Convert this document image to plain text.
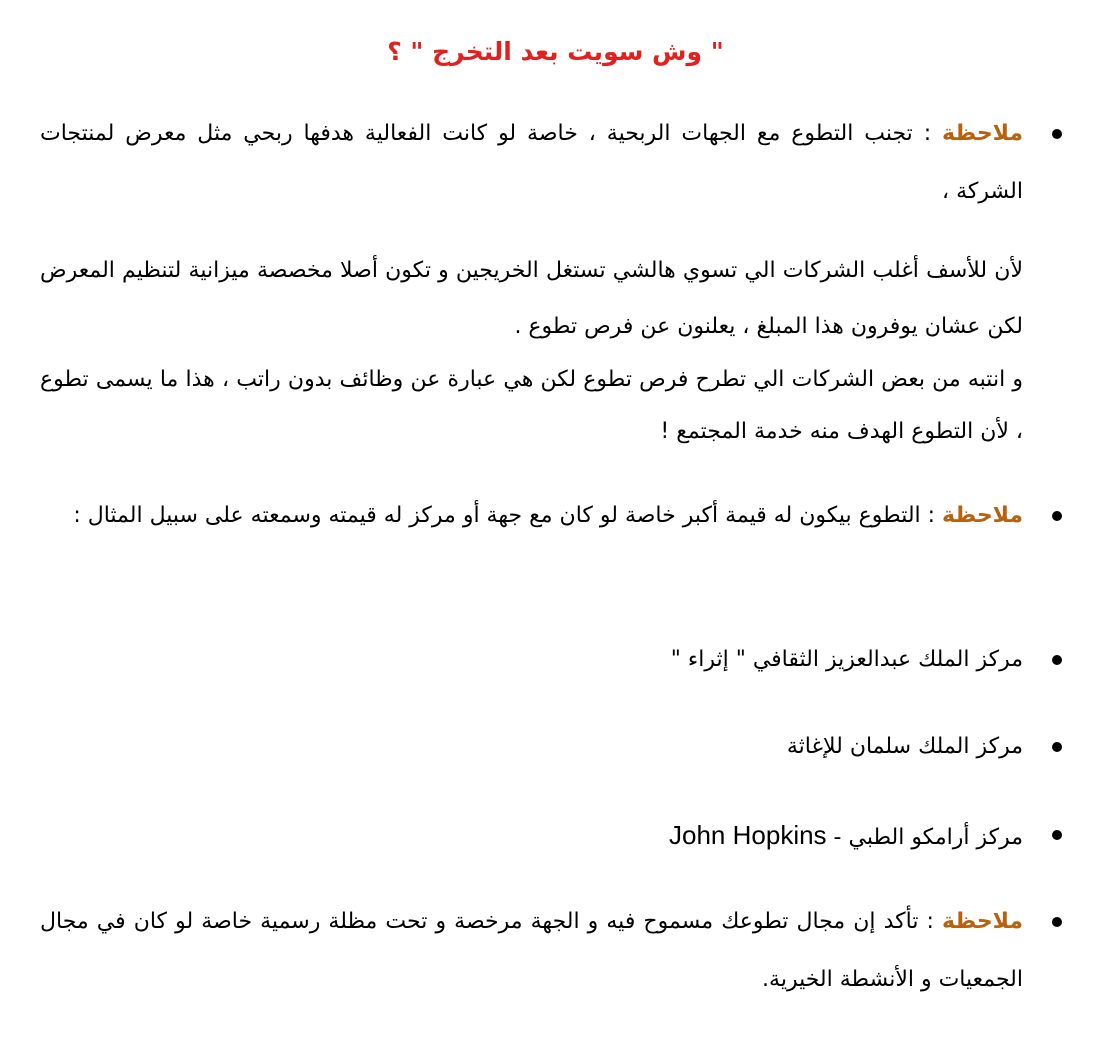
" وش سويت بعد التخرج " ؟
ملاحظة : تجنب التطوع مع الجهات الربحية ، خاصة لو كانت الفعالية هدفها ربحي مثل معرض لمنتجات الشركة ،

لأن للأسف أغلب الشركات الي تسوي هالشي تستغل الخريجين و تكون أصلا مخصصة ميزانية لتنظيم المعرض لكن عشان يوفرون هذا المبلغ ، يعلنون عن فرص تطوع .

و انتبه من بعض الشركات الي تطرح فرص تطوع لكن هي عبارة عن وظائف بدون راتب ، هذا ما يسمى تطوع ، لأن التطوع الهدف منه خدمة المجتمع !

ملاحظة : التطوع بيكون له قيمة أكبر خاصة لو كان مع جهة أو مركز له قيمته وسمعته على سبيل المثال :
مركز الملك عبدالعزيز الثقافي " إثراء "
مركز الملك سلمان للإغاثة
مركز أرامكو الطبي - John Hopkins
ملاحظة : تأكد إن مجال تطوعك مسموح فيه و الجهة مرخصة و تحت مظلة رسمية خاصة لو كان في مجال الجمعيات و الأنشطة الخيرية.
